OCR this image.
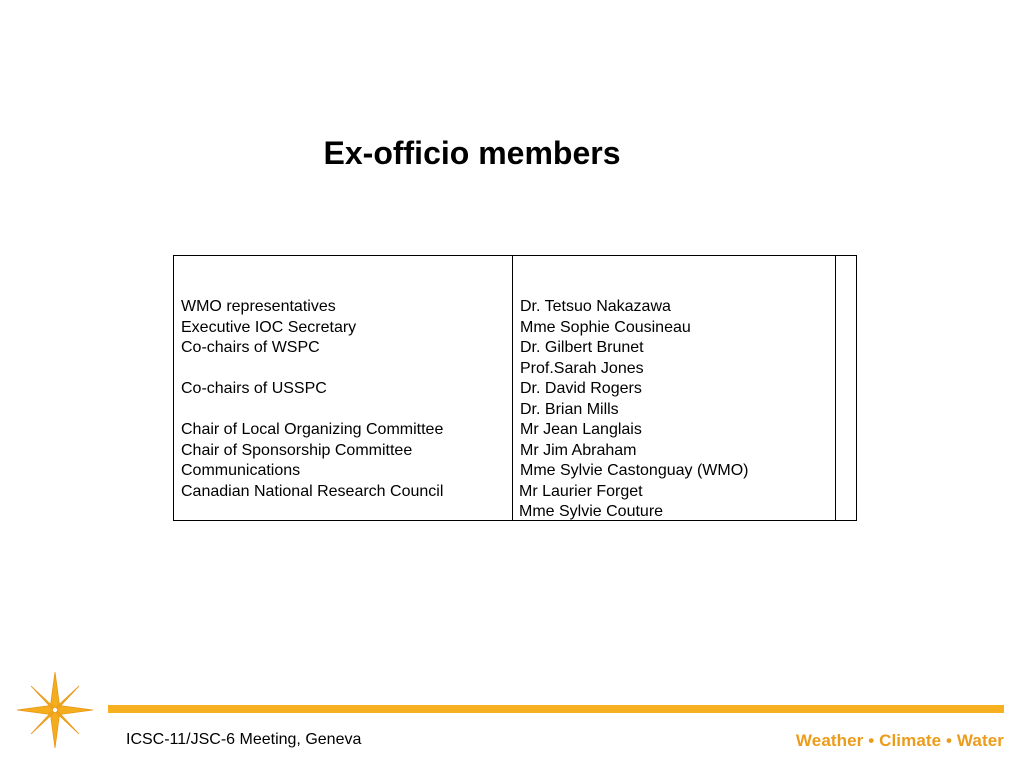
Ex-officio members
WMO representatives
Executive IOC Secretary
Co-chairs of WSPC
Co-chairs of USSPC
Chair of Local Organizing Committee
Chair of Sponsorship Committee
Communications
Canadian National Research Council
Dr. Tetsuo Nakazawa
Mme Sophie Cousineau
Dr. Gilbert Brunet
Prof.Sarah Jones
Dr. David Rogers
Dr. Brian Mills
Mr Jean Langlais
Mr Jim Abraham
Mme Sylvie Castonguay (WMO)
Mr Laurier Forget
Mme Sylvie Couture
ICSC-11/JSC-6 Meeting, Geneva	Weather • Climate • Water
